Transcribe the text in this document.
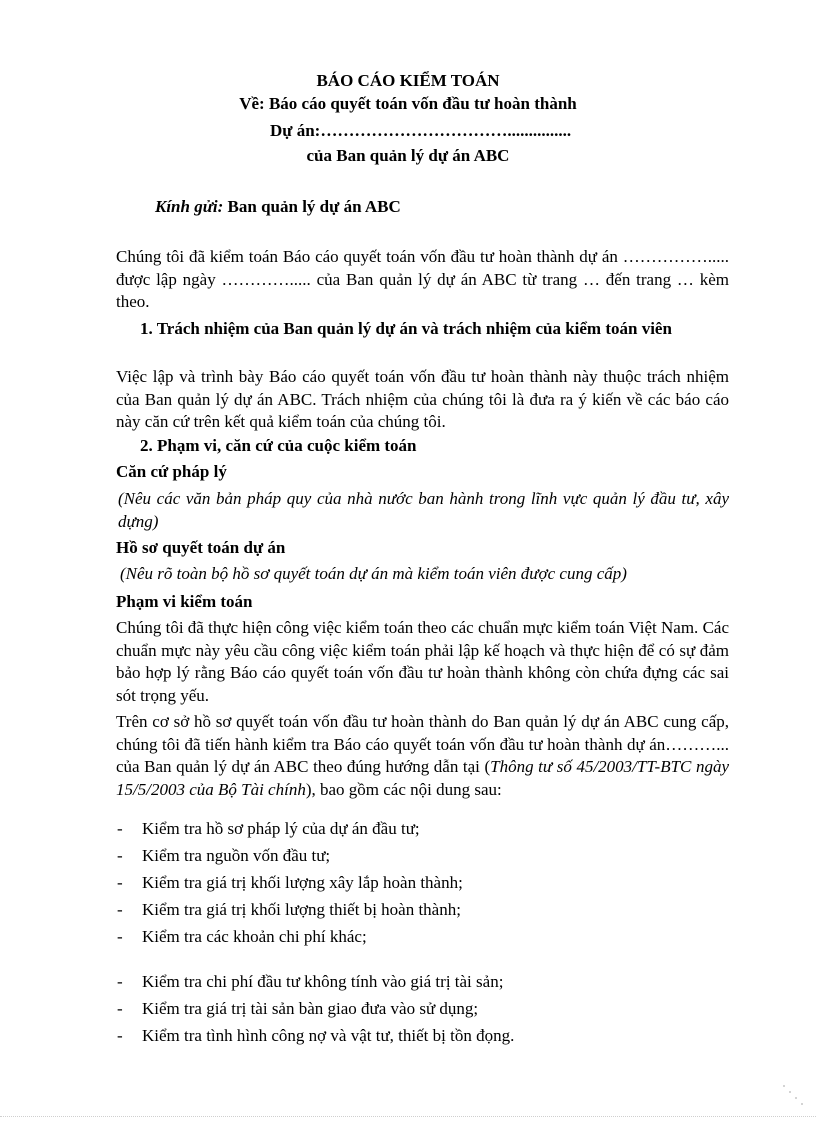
BÁO CÁO KIỂM TOÁN
Về: Báo cáo quyết toán vốn đầu tư hoàn thành
Dự án:……………………………...............
của Ban quản lý dự án ABC
Kính gửi: Ban quản lý dự án ABC
Chúng tôi đã kiểm toán Báo cáo quyết toán vốn đầu tư hoàn thành dự án ……………..... được lập ngày …………..... của Ban quản lý dự án ABC từ trang … đến trang … kèm theo.
1. Trách nhiệm của Ban quản lý dự án và trách nhiệm của kiểm toán viên
Việc lập và trình bày Báo cáo quyết toán vốn đầu tư hoàn thành này thuộc trách nhiệm của Ban quản lý dự án ABC. Trách nhiệm của chúng tôi là đưa ra ý kiến về các báo cáo này căn cứ trên kết quả kiểm toán của chúng tôi.
2. Phạm vi, căn cứ của cuộc kiểm toán
Căn cứ pháp lý
(Nêu các văn bản pháp quy của nhà nước ban hành trong lĩnh vực quản lý đầu tư, xây dựng)
Hồ sơ quyết toán dự án
(Nêu rõ toàn bộ hồ sơ quyết toán dự án mà kiểm toán viên được cung cấp)
Phạm vi kiểm toán
Chúng tôi đã thực hiện công việc kiểm toán theo các chuẩn mực kiểm toán Việt Nam. Các chuẩn mực này yêu cầu công việc kiểm toán phải lập kế hoạch và thực hiện để có sự đảm bảo hợp lý rằng Báo cáo quyết toán vốn đầu tư hoàn thành không còn chứa đựng các sai sót trọng yếu.
Trên cơ sở hồ sơ quyết toán vốn đầu tư hoàn thành do Ban quản lý dự án ABC cung cấp, chúng tôi đã tiến hành kiểm tra Báo cáo quyết toán vốn đầu tư hoàn thành dự án………... của Ban quản lý dự án ABC theo đúng hướng dẫn tại (Thông tư số 45/2003/TT-BTC ngày 15/5/2003 của Bộ Tài chính), bao gồm các nội dung sau:
- Kiểm tra hồ sơ pháp lý của dự án đầu tư;
- Kiểm tra nguồn vốn đầu tư;
- Kiểm tra giá trị khối lượng xây lắp hoàn thành;
- Kiểm tra giá trị khối lượng thiết bị hoàn thành;
- Kiểm tra các khoản chi phí khác;
- Kiểm tra chi phí đầu tư không tính vào giá trị tài sản;
- Kiểm tra giá trị tài sản bàn giao đưa vào sử dụng;
- Kiểm tra tình hình công nợ và vật tư, thiết bị tồn đọng.
